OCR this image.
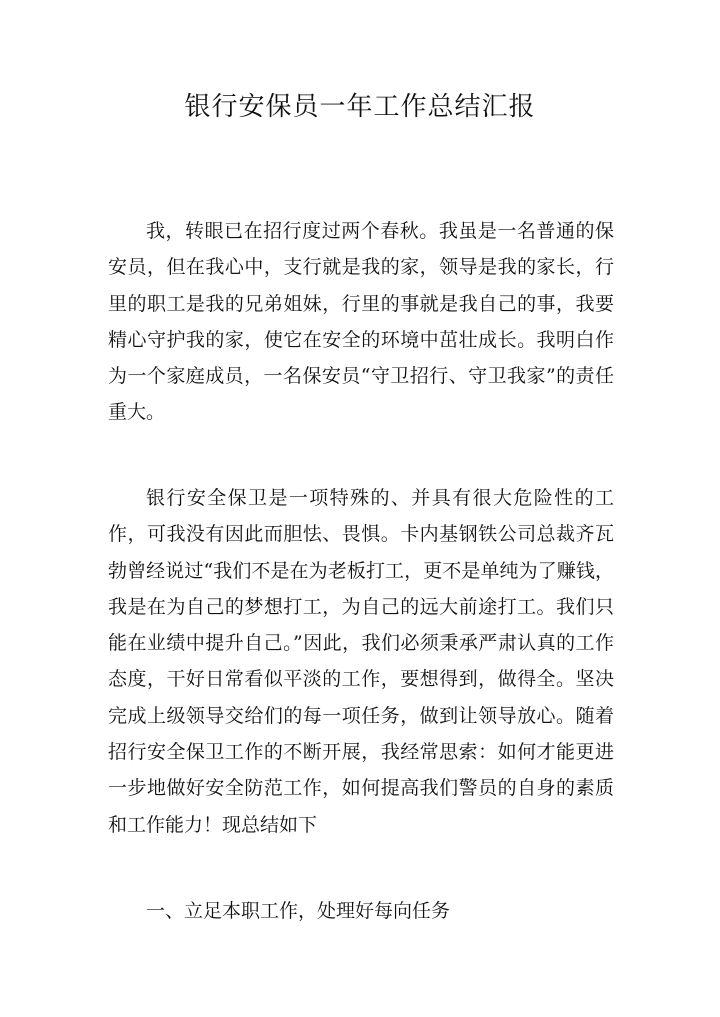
银行安保员一年工作总结汇报

我，转眼已在招行度过两个春秋。我虽是一名普通的保安员，但在我心中，支行就是我的家，领导是我的家长，行里的职工是我的兄弟姐妹，行里的事就是我自己的事，我要精心守护我的家，使它在安全的环境中茁壮成长。我明白作为一个家庭成员，一名保安员“守卫招行、守卫我家”的责任重大。

银行安全保卫是一项特殊的、并具有很大危险性的工作，可我没有因此而胆怯、畏惧。卡内基钢铁公司总裁齐瓦勃曾经说过“我们不是在为老板打工，更不是单纯为了赚钱，我是在为自己的梦想打工，为自己的远大前途打工。我们只能在业绩中提升自己。”因此，我们必须秉承严肃认真的工作态度，干好日常看似平淡的工作，要想得到，做得全。坚决完成上级领导交给们的每一项任务，做到让领导放心。随着招行安全保卫工作的不断开展，我经常思索：如何才能更进一步地做好安全防范工作，如何提高我们警员的自身的素质和工作能力！现总结如下

一、立足本职工作，处理好每向任务
